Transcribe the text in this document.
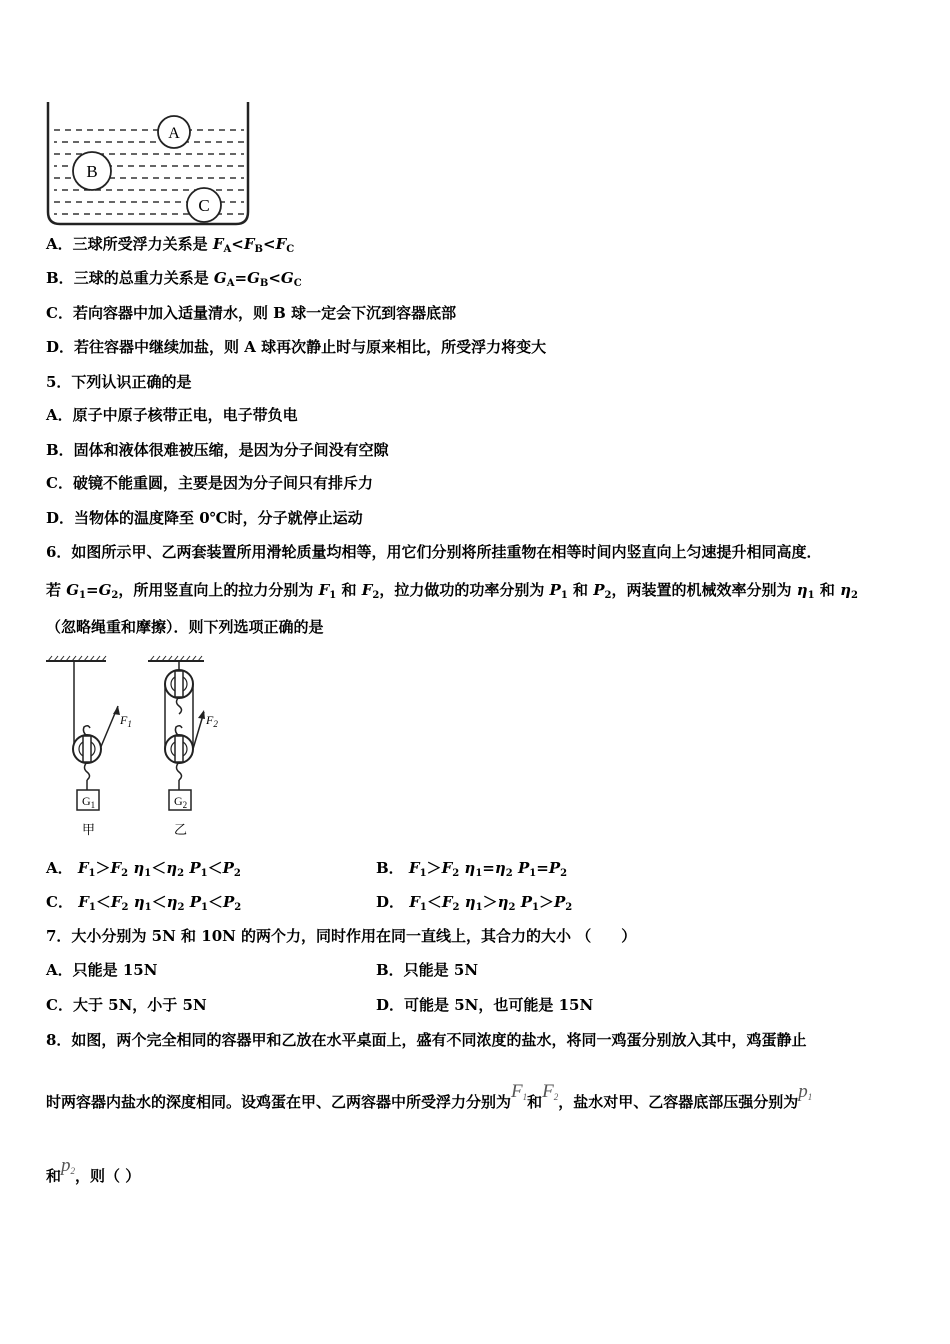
A
B
C
A．三球所受浮力关系是 $F_A<F_B<F_C$
B．三球的总重力关系是 $G_A=G_B<G_C$
C．若向容器中加入适量清水，则 B 球一定会下沉到容器底部
D．若往容器中继续加盐，则 A 球再次静止时与原来相比，所受浮力将变大
5．下列认识正确的是
A．原子中原子核带正电，电子带负电
B．固体和液体很难被压缩，是因为分子间没有空隙
C．破镜不能重圆，主要是因为分子间只有排斥力
D．当物体的温度降至 0℃时，分子就停止运动
6．如图所示甲、乙两套装置所用滑轮质量均相等，用它们分别将所挂重物在相等时间内竖直向上匀速提升相同高度．
若 $G_1=G_2$，所用竖直向上的拉力分别为 $F_1$ 和 $F_2$，拉力做功的功率分别为 $P_1$ 和 $P_2$，两装置的机械效率分别为 $\eta_1$ 和 $\eta_2$
（忽略绳重和摩擦）．则下列选项正确的是
$F_1$
$G_1$
甲
$F_2$
$G_2$
乙
A． $F_1>F_2$ $\eta_1<\eta_2$ $P_1<P_2$	B． $F_1>F_2$ $\eta_1=\eta_2$ $P_1=P_2$
C． $F_1<F_2$ $\eta_1<\eta_2$ $P_1<P_2$	D． $F_1<F_2$ $\eta_1>\eta_2$ $P_1>P_2$
7．大小分别为 5N 和 10N 的两个力，同时作用在同一直线上，其合力的大小 （　　）
A．只能是 15N	B．只能是 5N
C．大于 5N，小于 5N	D．可能是 5N，也可能是 15N
8．如图，两个完全相同的容器甲和乙放在水平桌面上，盛有不同浓度的盐水，将同一鸡蛋分别放入其中，鸡蛋静止
时两容器内盐水的深度相同。设鸡蛋在甲、乙两容器中所受浮力分别为$F_1$和$F_2$，盐水对甲、乙容器底部压强分别为$p_1$
和$p_2$，则（ ）
